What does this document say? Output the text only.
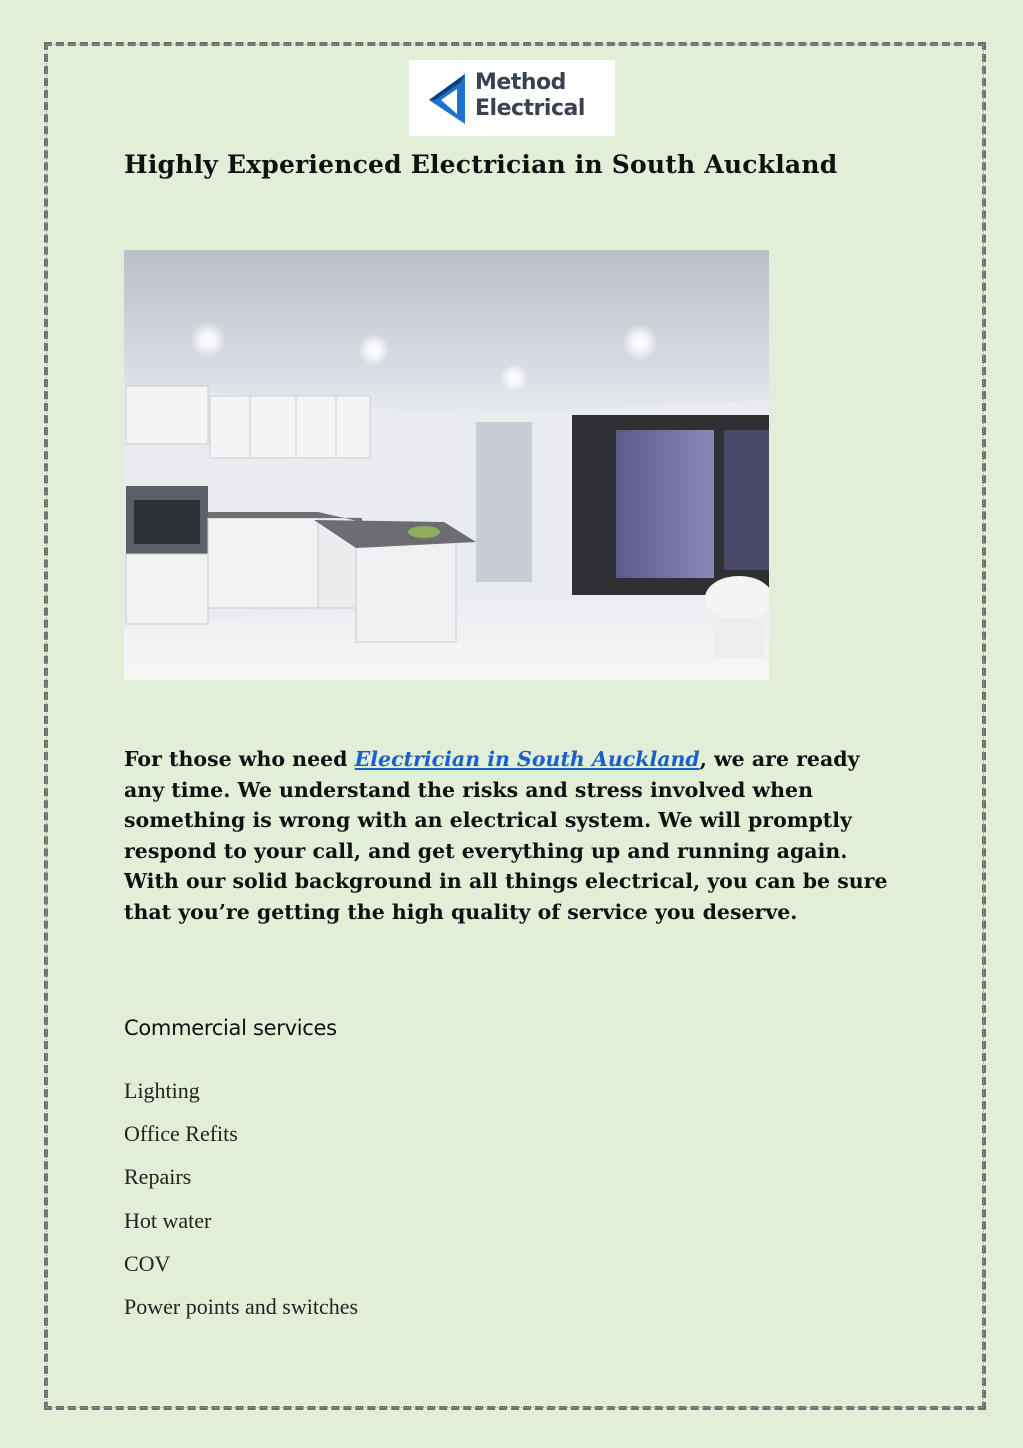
Method
Electrical
Highly Experienced Electrician in South Auckland

For those who need Electrician in South Auckland, we are ready any time. We understand the risks and stress involved when something is wrong with an electrical system. We will promptly respond to your call, and get everything up and running again. With our solid background in all things electrical, you can be sure that you’re getting the high quality of service you deserve.

Commercial services
Lighting
Office Refits
Repairs
Hot water
COV
Power points and switches
